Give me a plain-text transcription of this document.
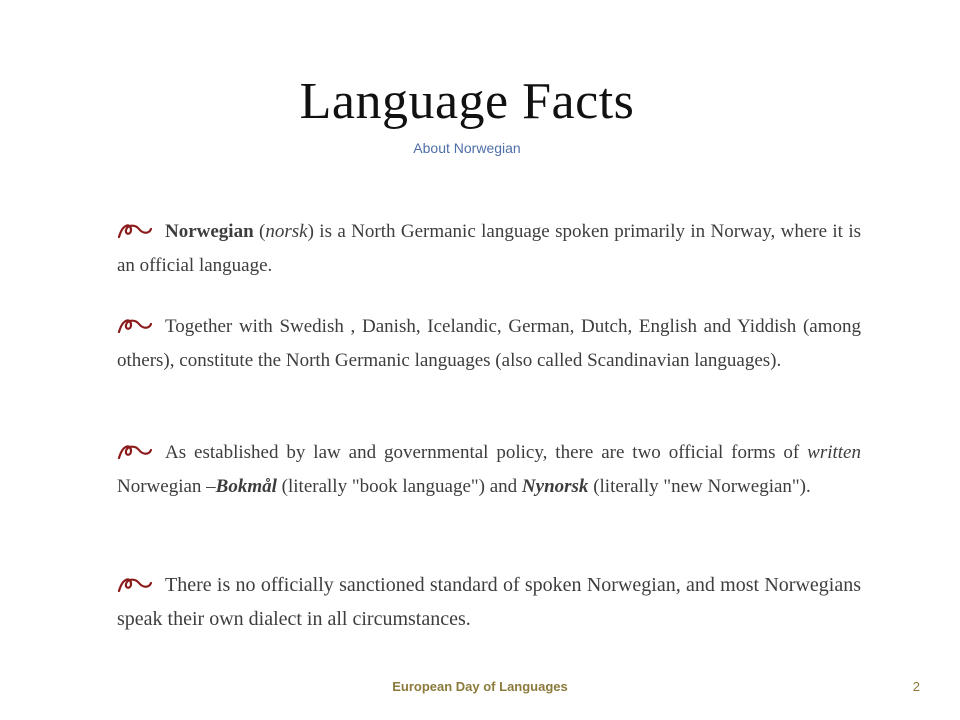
Language Facts
About Norwegian
Norwegian (norsk) is a North Germanic language spoken primarily in Norway, where it is an official language.
Together with Swedish , Danish, Icelandic, German, Dutch, English and Yiddish (among others), constitute the North Germanic languages (also called Scandinavian languages).
As established by law and governmental policy, there are two official forms of written Norwegian –Bokmål (literally "book language") and Nynorsk (literally "new Norwegian").
There is no officially sanctioned standard of spoken Norwegian, and most Norwegians speak their own dialect in all circumstances.
European Day of Languages	2
